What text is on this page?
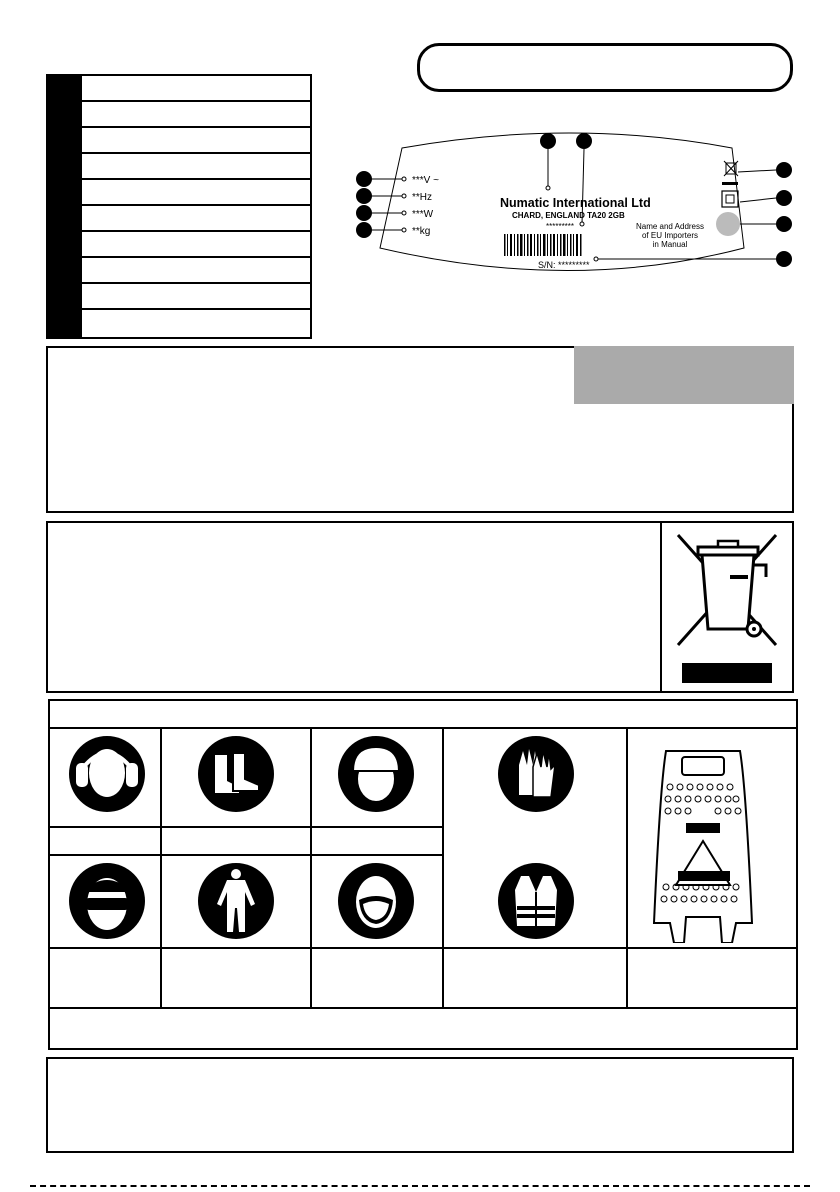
***V ~
**Hz
***W
**kg
Numatic International Ltd
CHARD, ENGLAND TA20 2GB
*********
S/N: *********
Name and Address
of EU Importers
in Manual
